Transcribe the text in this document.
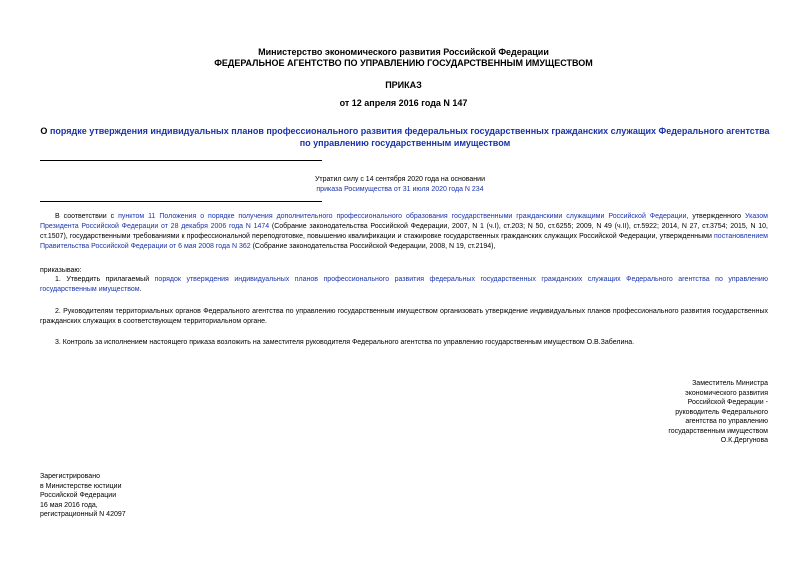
Министерство экономического развития Российской Федерации
ФЕДЕРАЛЬНОЕ АГЕНТСТВО ПО УПРАВЛЕНИЮ ГОСУДАРСТВЕННЫМ ИМУЩЕСТВОМ
ПРИКАЗ
от 12 апреля 2016 года N 147
О порядке утверждения индивидуальных планов профессионального развития федеральных государственных гражданских служащих Федерального агентства по управлению государственным имуществом
Утратил силу с 14 сентября 2020 года на основании
приказа Росимущества от 31 июля 2020 года N 234
В соответствии с пунктом 11 Положения о порядке получения дополнительного профессионального образования государственными гражданскими служащими Российской Федерации, утвержденного Указом Президента Российской Федерации от 28 декабря 2006 года N 1474 (Собрание законодательства Российской Федерации, 2007, N 1 (ч.I), ст.203; N 50, ст.6255; 2009, N 49 (ч.II), ст.5922; 2014, N 27, ст.3754; 2015, N 10, ст.1507), государственными требованиями к профессиональной переподготовке, повышению квалификации и стажировке государственных гражданских служащих Российской Федерации, утвержденными постановлением Правительства Российской Федерации от 6 мая 2008 года N 362 (Собрание законодательства Российской Федерации, 2008, N 19, ст.2194),
приказываю:
1. Утвердить прилагаемый порядок утверждения индивидуальных планов профессионального развития федеральных государственных гражданских служащих Федерального агентства по управлению государственным имуществом.
2. Руководителям территориальных органов Федерального агентства по управлению государственным имуществом организовать утверждение индивидуальных планов профессионального развития государственных гражданских служащих в соответствующем территориальном органе.
3. Контроль за исполнением настоящего приказа возложить на заместителя руководителя Федерального агентства по управлению государственным имуществом О.В.Забелина.
Заместитель Министра
экономического развития
Российской Федерации -
руководитель Федерального
агентства по управлению
государственным имуществом
О.К.Дергунова
Зарегистрировано
в Министерстве юстиции
Российской Федерации
16 мая 2016 года,
регистрационный N 42097
